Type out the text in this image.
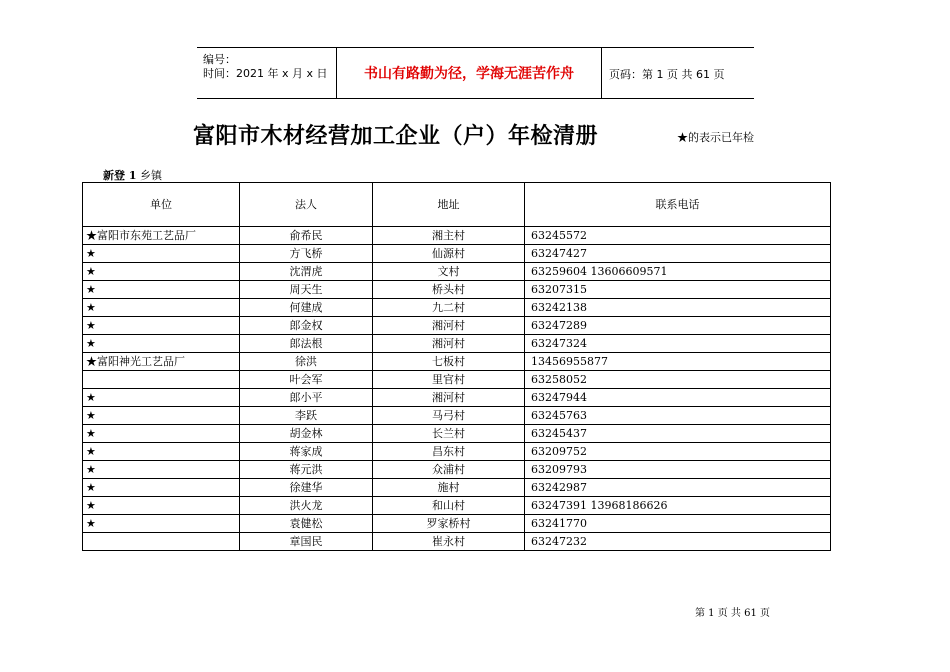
编号：
时间：2021 年 x 月 x 日	书山有路勤为径，学海无涯苦作舟	页码：第 1 页 共 61 页
富阳市木材经营加工企业（户）年检清册	★的表示已年检
新登 1 乡镇
单位	法人	地址	联系电话
★富阳市东苑工艺品厂	俞希民	湘主村	63245572
★	方飞桥	仙源村	63247427
★	沈渭虎	文村	63259604 13606609571
★	周天生	桥头村	63207315
★	何建成	九二村	63242138
★	郎金权	湘河村	63247289
★	郎法根	湘河村	63247324
★富阳神光工艺品厂	徐洪	七板村	13456955877
	叶会军	里官村	63258052
★	郎小平	湘河村	63247944
★	李跃	马弓村	63245763
★	胡金林	长兰村	63245437
★	蒋家成	昌东村	63209752
★	蒋元洪	众浦村	63209793
★	徐建华	施村	63242987
★	洪火龙	和山村	63247391 13968186626
★	袁健松	罗家桥村	63241770
	章国民	崔永村	63247232
第 1 页 共 61 页
